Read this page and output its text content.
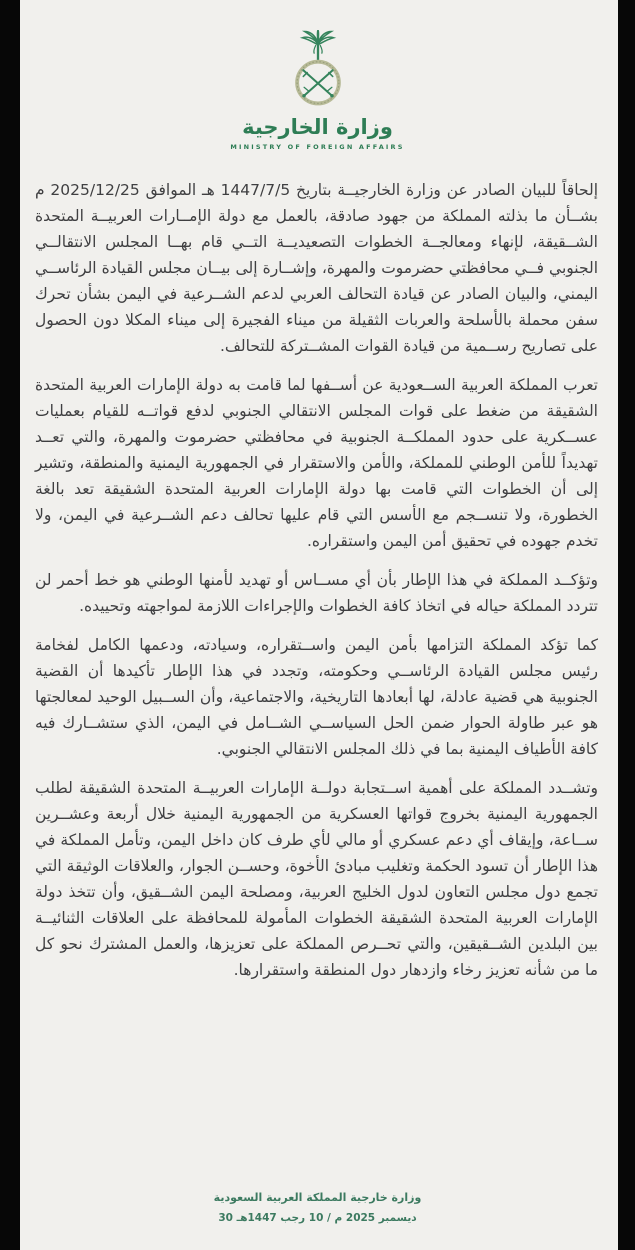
وزارة الخارجية
MINISTRY OF FOREIGN AFFAIRS

إلحاقاً للبيان الصادر عن وزارة الخارجيــة بتاريخ 1447/7/5 هـ الموافق 2025/12/25 م بشــأن ما بذلته المملكة من جهود صادقة، بالعمل مع دولة الإمــارات العربيــة المتحدة الشــقيقة، لإنهاء ومعالجــة الخطوات التصعيديــة التــي قام بهــا المجلس الانتقالــي الجنوبي فــي محافظتي حضرموت والمهرة، وإشــارة إلى بيــان مجلس القيادة الرئاســي اليمني، والبيان الصادر عن قيادة التحالف العربي لدعم الشــرعية في اليمن بشأن تحرك سفن محملة بالأسلحة والعربات الثقيلة من ميناء الفجيرة إلى ميناء المكلا دون الحصول على تصاريح رســمية من قيادة القوات المشــتركة للتحالف.

تعرب المملكة العربية الســعودية عن أســفها لما قامت به دولة الإمارات العربية المتحدة الشقيقة من ضغط على قوات المجلس الانتقالي الجنوبي لدفع قواتــه للقيام بعمليات عســكرية على حدود المملكــة الجنوبية في محافظتي حضرموت والمهرة، والتي تعــد تهديداً للأمن الوطني للمملكة، والأمن والاستقرار في الجمهورية اليمنية والمنطقة، وتشير إلى أن الخطوات التي قامت بها دولة الإمارات العربية المتحدة الشقيقة تعد بالغة الخطورة، ولا تنســجم مع الأسس التي قام عليها تحالف دعم الشــرعية في اليمن، ولا تخدم جهوده في تحقيق أمن اليمن واستقراره.

وتؤكــد المملكة في هذا الإطار بأن أي مســاس أو تهديد لأمنها الوطني هو خط أحمر لن تتردد المملكة حياله في اتخاذ كافة الخطوات والإجراءات اللازمة لمواجهته وتحييده.

كما تؤكد المملكة التزامها بأمن اليمن واســتقراره، وسيادته، ودعمها الكامل لفخامة رئيس مجلس القيادة الرئاســي وحكومته، وتجدد في هذا الإطار تأكيدها أن القضية الجنوبية هي قضية عادلة، لها أبعادها التاريخية، والاجتماعية، وأن الســبيل الوحيد لمعالجتها هو عبر طاولة الحوار ضمن الحل السياســي الشــامل في اليمن، الذي ستشــارك فيه كافة الأطياف اليمنية بما في ذلك المجلس الانتقالي الجنوبي.

وتشــدد المملكة على أهمية اســتجابة دولــة الإمارات العربيــة المتحدة الشقيقة لطلب الجمهورية اليمنية بخروج قواتها العسكرية من الجمهورية اليمنية خلال أربعة وعشــرين ســاعة، وإيقاف أي دعم عسكري أو مالي لأي طرف كان داخل اليمن، وتأمل المملكة في هذا الإطار أن تسود الحكمة وتغليب مبادئ الأخوة، وحســن الجوار، والعلاقات الوثيقة التي تجمع دول مجلس التعاون لدول الخليج العربية، ومصلحة اليمن الشــقيق، وأن تتخذ دولة الإمارات العربية المتحدة الشقيقة الخطوات المأمولة للمحافظة على العلاقات الثنائيــة بين البلدين الشــقيقين، والتي تحــرص المملكة على تعزيزها، والعمل المشترك نحو كل ما من شأنه تعزيز رخاء وازدهار دول المنطقة واستقرارها.

وزارة خارجية المملكة العربية السعودية
30 ديسمبر 2025 م / 10 رجب 1447هـ
